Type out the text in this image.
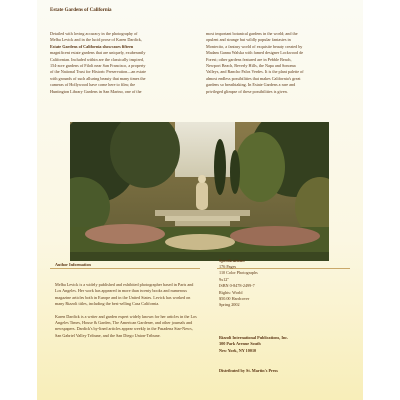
Estate Gardens of California
Detailed with loving accuracy in the photography of
Melba Levick and in the lucid prose of Karen Dardick,
Estate Gardens of California showcases fifteen
magnificent estate gardens that are uniquely, exuberantly
Californian. Included within are the classically inspired,
154-acre gardens of Filoli near San Francisco, a property
of the National Trust for Historic Preservation—an estate
with grounds of such alluring beauty that many times the
cameras of Hollywood have come here to film; the
Huntington Library Gardens in San Marino, one of the
most important botanical gardens in the world; and the
opulent and strange but wildly popular fantasies in
Montecito, a fantasy world of exquisite beauty created by
Madam Ganna Walska with famed designer Lockwood de
Forest; other gardens featured are in Pebble Beach,
Newport Beach, Beverly Hills, the Napa and Sonoma
Valleys, and Rancho Palos Verdes. It is the plant palette of
almost endless possibilities that makes California's great
gardens so breathtaking. In Estate Gardens a rare and
privileged glimpse of these possibilities is given.
Author Information

Melba Levick is a widely published and exhibited photographer based in Paris and Los Angeles. Her work has appeared in more than twenty books and numerous magazine articles both in Europe and in the United States. Levick has worked on many Rizzoli titles, including the best-selling Casa California.

Karen Dardick is a writer and garden expert widely known for her articles in the Los Angeles Times, House & Garden, The American Gardener, and other journals and newspapers. Dardick's by-lined articles appear weekly in the Pasadena Star-News, San Gabriel Valley Tribune, and the San Diego Union-Tribune.

Specifications:
176 Pages
110 Color Photographs
9x12"
ISBN 0-8478-2499-7
Rights: World
$50.00 Hardcover
Spring 2002
Rizzoli International Publications, Inc.
300 Park Avenue South
New York, NY 10010
Distributed by St. Martin's Press
